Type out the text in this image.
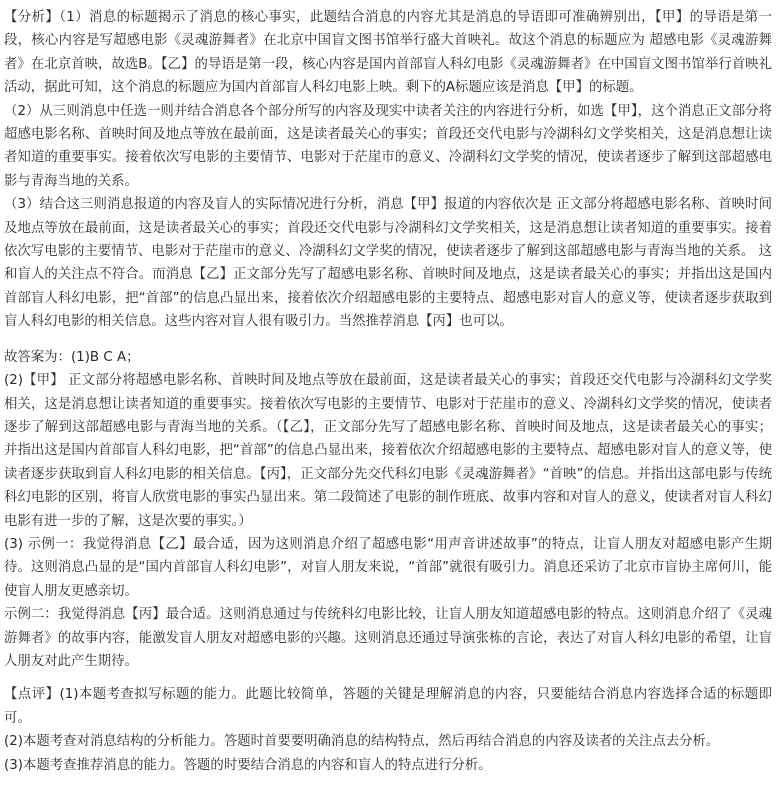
【分析】（1）消息的标题揭示了消息的核心事实，此题结合消息的内容尤其是消息的导语即可准确辨别出，【甲】的导语是第一段，核心内容是写超感电影《灵魂游舞者》在北京中国盲文图书馆举行盛大首映礼。故这个消息的标题应为 超感电影《灵魂游舞者》在北京首映，故选B。【乙】的导语是第一段，核心内容是国内首部盲人科幻电影《灵魂游舞者》在中国盲文图书馆举行首映礼活动，据此可知，这个消息的标题应为国内首部盲人科幻电影上映。剩下的A标题应该是消息【甲】的标题。

（2）从三则消息中任选一则并结合消息各个部分所写的内容及现实中读者关注的内容进行分析，如选【甲】，这个消息正文部分将超感电影名称、首映时间及地点等放在最前面，这是读者最关心的事实；首段还交代电影与冷湖科幻文学奖相关，这是消息想让读者知道的重要事实。接着依次写电影的主要情节、电影对于茫崖市的意义、冷湖科幻文学奖的情况，使读者逐步了解到这部超感电影与青海当地的关系。

（3）结合这三则消息报道的内容及盲人的实际情况进行分析，消息【甲】报道的内容依次是 正文部分将超感电影名称、首映时间及地点等放在最前面，这是读者最关心的事实；首段还交代电影与冷湖科幻文学奖相关，这是消息想让读者知道的重要事实。接着依次写电影的主要情节、电影对于茫崖市的意义、冷湖科幻文学奖的情况，使读者逐步了解到这部超感电影与青海当地的关系。 这和盲人的关注点不符合。而消息【乙】正文部分先写了超感电影名称、首映时间及地点，这是读者最关心的事实；并指出这是国内首部盲人科幻电影，把“首部”的信息凸显出来，接着依次介绍超感电影的主要特点、超感电影对盲人的意义等，使读者逐步获取到盲人科幻电影的相关信息。这些内容对盲人很有吸引力。当然推荐消息【丙】也可以。

故答案为：(1)B C A；

(2)【甲】 正文部分将超感电影名称、首映时间及地点等放在最前面，这是读者最关心的事实；首段还交代电影与冷湖科幻文学奖相关，这是消息想让读者知道的重要事实。接着依次写电影的主要情节、电影对于茫崖市的意义、冷湖科幻文学奖的情况，使读者逐步了解到这部超感电影与青海当地的关系。（【乙】，正文部分先写了超感电影名称、首映时间及地点，这是读者最关心的事实；并指出这是国内首部盲人科幻电影，把“首部”的信息凸显出来，接着依次介绍超感电影的主要特点、超感电影对盲人的意义等，使读者逐步获取到盲人科幻电影的相关信息。【丙】，正文部分先交代科幻电影《灵魂游舞者》“首映”的信息。并指出这部电影与传统科幻电影的区别，将盲人欣赏电影的事实凸显出来。第二段简述了电影的制作班底、故事内容和对盲人的意义，使读者对盲人科幻电影有进一步的了解，这是次要的事实。）

(3) 示例一：我觉得消息【乙】最合适，因为这则消息介绍了超感电影“用声音讲述故事”的特点，让盲人朋友对超感电影产生期待。这则消息凸显的是“国内首部盲人科幻电影”，对盲人朋友来说，“首部”就很有吸引力。消息还采访了北京市盲协主席何川，能使盲人朋友更感亲切。

示例二：我觉得消息【丙】最合适。这则消息通过与传统科幻电影比较，让盲人朋友知道超感电影的特点。这则消息介绍了《灵魂游舞者》的故事内容，能激发盲人朋友对超感电影的兴趣。这则消息还通过导演张栋的言论，表达了对盲人科幻电影的希望，让盲人朋友对此产生期待。

【点评】(1)本题考查拟写标题的能力。此题比较简单，答题的关键是理解消息的内容，只要能结合消息内容选择合适的标题即可。

(2)本题考查对消息结构的分析能力。答题时首要要明确消息的结构特点，然后再结合消息的内容及读者的关注点去分析。

(3)本题考查推荐消息的能力。答题的时要结合消息的内容和盲人的特点进行分析。
